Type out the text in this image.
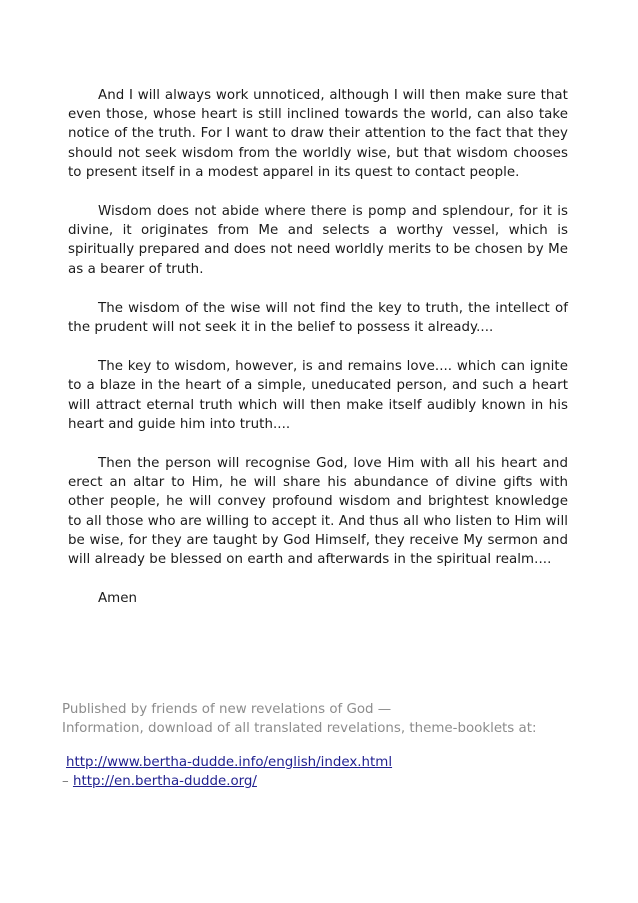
And I will always work unnoticed, although I will then make sure that even those, whose heart is still inclined towards the world, can also take notice of the truth. For I want to draw their attention to the fact that they should not seek wisdom from the worldly wise, but that wisdom chooses to present itself in a modest apparel in its quest to contact people.

Wisdom does not abide where there is pomp and splendour, for it is divine, it originates from Me and selects a worthy vessel, which is spiritually prepared and does not need worldly merits to be chosen by Me as a bearer of truth.

The wisdom of the wise will not find the key to truth, the intellect of the prudent will not seek it in the belief to possess it already....

The key to wisdom, however, is and remains love.... which can ignite to a blaze in the heart of a simple, uneducated person, and such a heart will attract eternal truth which will then make itself audibly known in his heart and guide him into truth....

Then the person will recognise God, love Him with all his heart and erect an altar to Him, he will share his abundance of divine gifts with other people, he will convey profound wisdom and brightest knowledge to all those who are willing to accept it. And thus all who listen to Him will be wise, for they are taught by God Himself, they receive My sermon and will already be blessed on earth and afterwards in the spiritual realm....

Amen

Published by friends of new revelations of God —

Information, download of all translated revelations, theme-booklets at:

http://www.bertha-dudde.info/english/index.html

– http://en.bertha-dudde.org/
